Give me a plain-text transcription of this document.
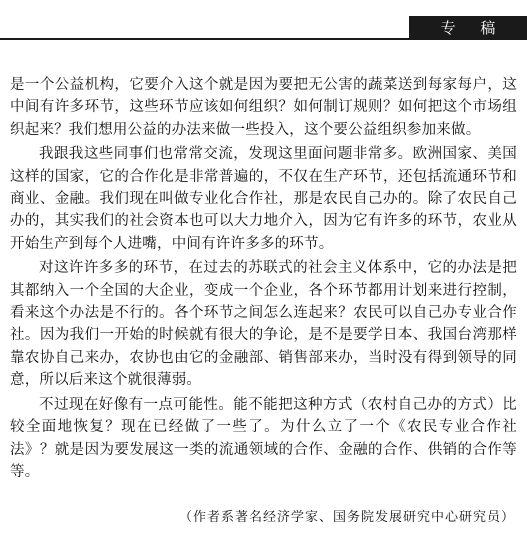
专 稿

是一个公益机构，它要介入这个就是因为要把无公害的蔬菜送到每家每户，这中间有许多环节，这些环节应该如何组织？如何制订规则？如何把这个市场组织起来？我们想用公益的办法来做一些投入，这个要公益组织参加来做。

我跟我这些同事们也常常交流，发现这里面问题非常多。欧洲国家、美国这样的国家，它的合作化是非常普遍的，不仅在生产环节，还包括流通环节和商业、金融。我们现在叫做专业化合作社，那是农民自己办的。除了农民自己办的，其实我们的社会资本也可以大力地介入，因为它有许多的环节，农业从开始生产到每个人进嘴，中间有许许多多的环节。

对这许许多多的环节，在过去的苏联式的社会主义体系中，它的办法是把其都纳入一个全国的大企业，变成一个企业，各个环节都用计划来进行控制，看来这个办法是不行的。各个环节之间怎么连起来？农民可以自己办专业合作社。因为我们一开始的时候就有很大的争论，是不是要学日本、我国台湾那样靠农协自己来办，农协也由它的金融部、销售部来办，当时没有得到领导的同意，所以后来这个就很薄弱。

不过现在好像有一点可能性。能不能把这种方式（农村自己办的方式）比较全面地恢复？现在已经做了一些了。为什么立了一个《农民专业合作社法》？就是因为要发展这一类的流通领域的合作、金融的合作、供销的合作等等。

（作者系著名经济学家、国务院发展研究中心研究员）
